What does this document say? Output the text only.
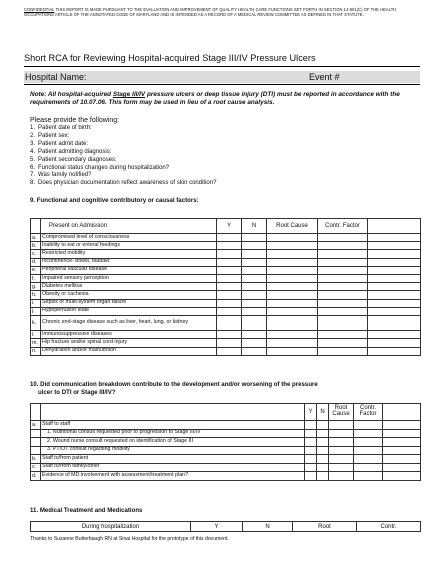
CONFIDENTIAL THIS REPORT IS MADE PURSUANT TO THE EVALUATION AND IMPROVEMENT OF QUALITY HEALTH CARE FUNCTIONS SET FORTH IN SECTION 14-501(C) OF THE HEALTH OCCUPATIONS ARTICLE OF THE ANNOTATED CODE OF MARYLAND AND IS INTENDED AS A RECORD OF A MEDICAL REVIEW COMMITTEE AS DEFINED IN THAT STATUTE.
Short RCA for Reviewing Hospital-acquired Stage III/IV Pressure Ulcers
Hospital Name:	Event #
Note: All hospital-acquired Stage III/IV pressure ulcers or deep tissue injury (DTI) must be reported in accordance with the requirements of 10.07.06. This form may be used in lieu of a root cause analysis.
Please provide the following:
1. Patient date of birth:
2. Patient sex:
3. Patient admit date:
4. Patient admitting diagnosis:
5. Patient secondary diagnoses:
6. Functional status changes during hospitalization?
7. Was family notified?
8. Does physician documentation reflect awareness of skin condition?
9. Functional and cognitive contributory or causal factors:
	Present on Admission	Y	N	Root Cause	Contr. Factor	
a.	Compromised level of consciousness					
b.	Inability to eat or enteral feedings					
c.	Restricted mobility					
d.	Incontinence- bowel, bladder					
e.	Peripheral vascular disease					
f.	Impaired sensory perception					
g.	Diabetes mellitus					
h.	Obesity or cachexia					
i.	Sepsis or multi-system organ failure					
j.	Hypoperfusion state					
k.	Chronic end-stage disease such as liver, heart, lung, or kidney					
l.	Immunosuppressive diseases					
m.	Hip fracture and/or spinal cord injury					
n.	Dehydration and/or malnutrition					
10. Did communication breakdown contribute to the development and/or worsening of the pressure
ulcer to DTI or Stage III/IV?
		Y	N	Root Cause	Contr. Factor	
a.	Staff to staff					
	1. Nutritional consult requested prior to progression to Stage III/IV					
	2. Wound nurse consult requested on identification of Stage III					
	3. PT/OT consult regarding mobility					
b.	Staff to/from patient					
c.	Staff to/from family/other					
d.	Evidence of MD involvement with assessment/treatment plan?					
11. Medical Treatment and Medications
During hospitalization	Y	N	Root	Contr.
Thanks to Suzanne Butterbaugh RN at Sinai Hospital for the prototype of this document.
